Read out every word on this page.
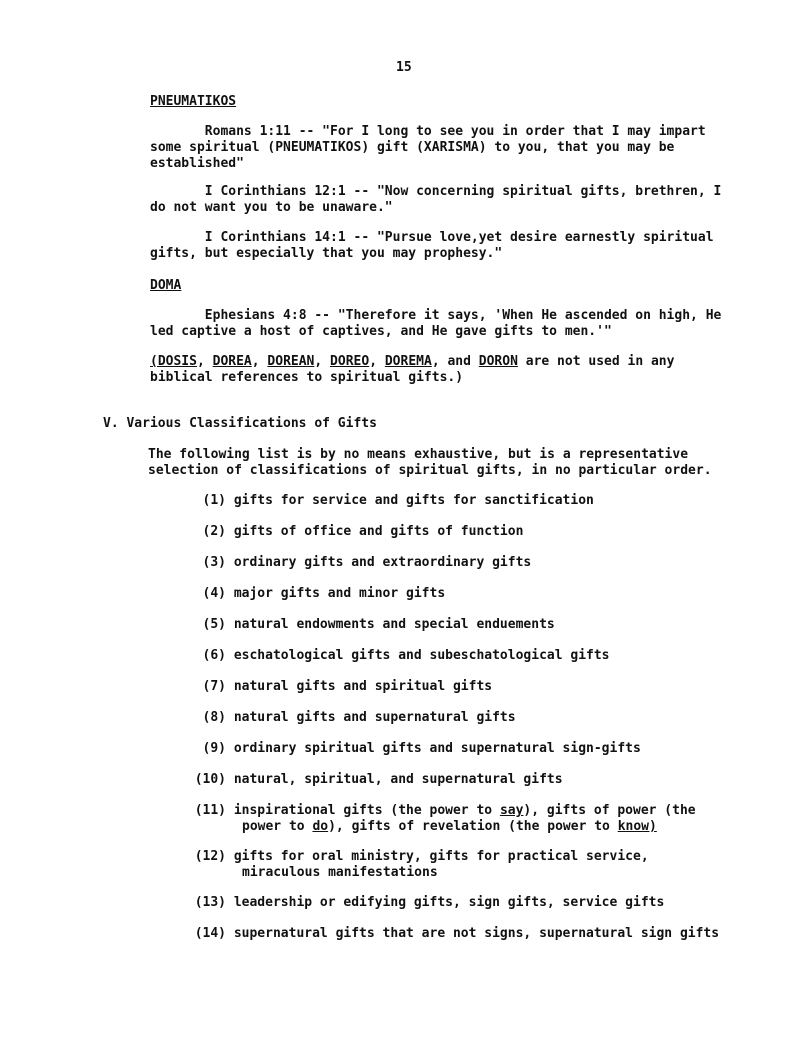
15
PNEUMATIKOS
Romans 1:11 -- "For I long to see you in order that I may impart
some spiritual (PNEUMATIKOS) gift (XARISMA) to you, that you may be
established"
I Corinthians 12:1 -- "Now concerning spiritual gifts, brethren, I
do not want you to be unaware."
I Corinthians 14:1 -- "Pursue love,yet desire earnestly spiritual
gifts, but especially that you may prophesy."
DOMA
Ephesians 4:8 -- "Therefore it says, 'When He ascended on high, He
led captive a host of captives, and He gave gifts to men.'"
(DOSIS, DOREA, DOREAN, DOREO, DOREMA, and DORON are not used in any
biblical references to spiritual gifts.)
V. Various Classifications of Gifts
The following list is by no means exhaustive, but is a representative
selection of classifications of spiritual gifts, in no particular order.
(1) gifts for service and gifts for sanctification
(2) gifts of office and gifts of function
(3) ordinary gifts and extraordinary gifts
(4) major gifts and minor gifts
(5) natural endowments and special enduements
(6) eschatological gifts and subeschatological gifts
(7) natural gifts and spiritual gifts
(8) natural gifts and supernatural gifts
(9) ordinary spiritual gifts and supernatural sign-gifts
(10) natural, spiritual, and supernatural gifts
(11) inspirational gifts (the power to say), gifts of power (the
power to do), gifts of revelation (the power to know)
(12) gifts for oral ministry, gifts for practical service,
miraculous manifestations
(13) leadership or edifying gifts, sign gifts, service gifts
(14) supernatural gifts that are not signs, supernatural sign gifts
